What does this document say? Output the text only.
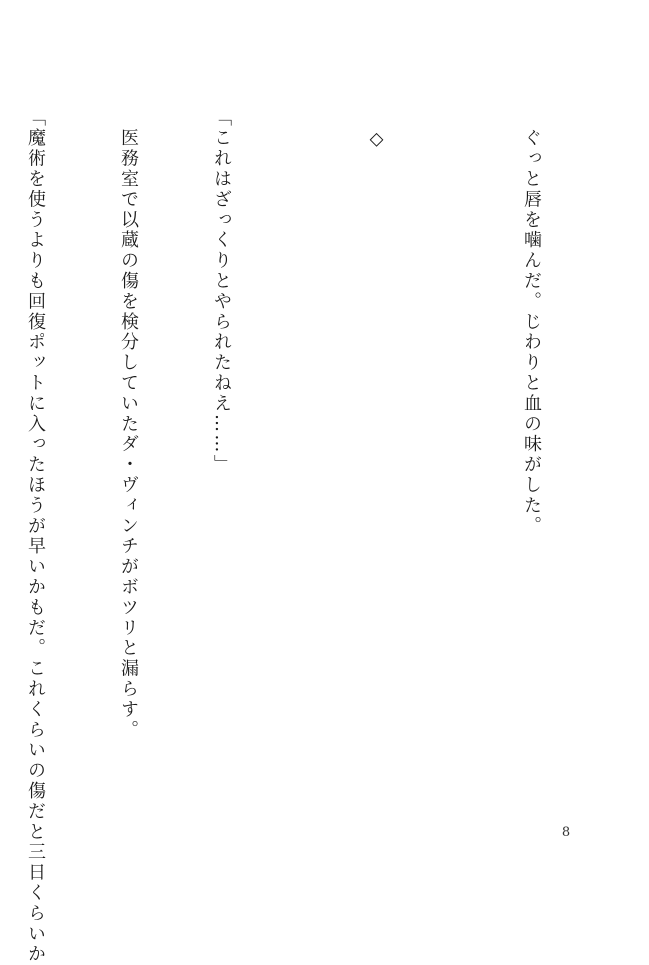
　ぐっと唇を噛んだ。じわりと血の味がした。

　◇

「これはざっくりとやられたねえ……」

　医務室で以蔵の傷を検分していたダ・ヴィンチがボツリと漏らす。

「魔術を使うよりも回復ポットに入ったほうが早いかもだ。これくらいの傷だと三日くらいか

	8
